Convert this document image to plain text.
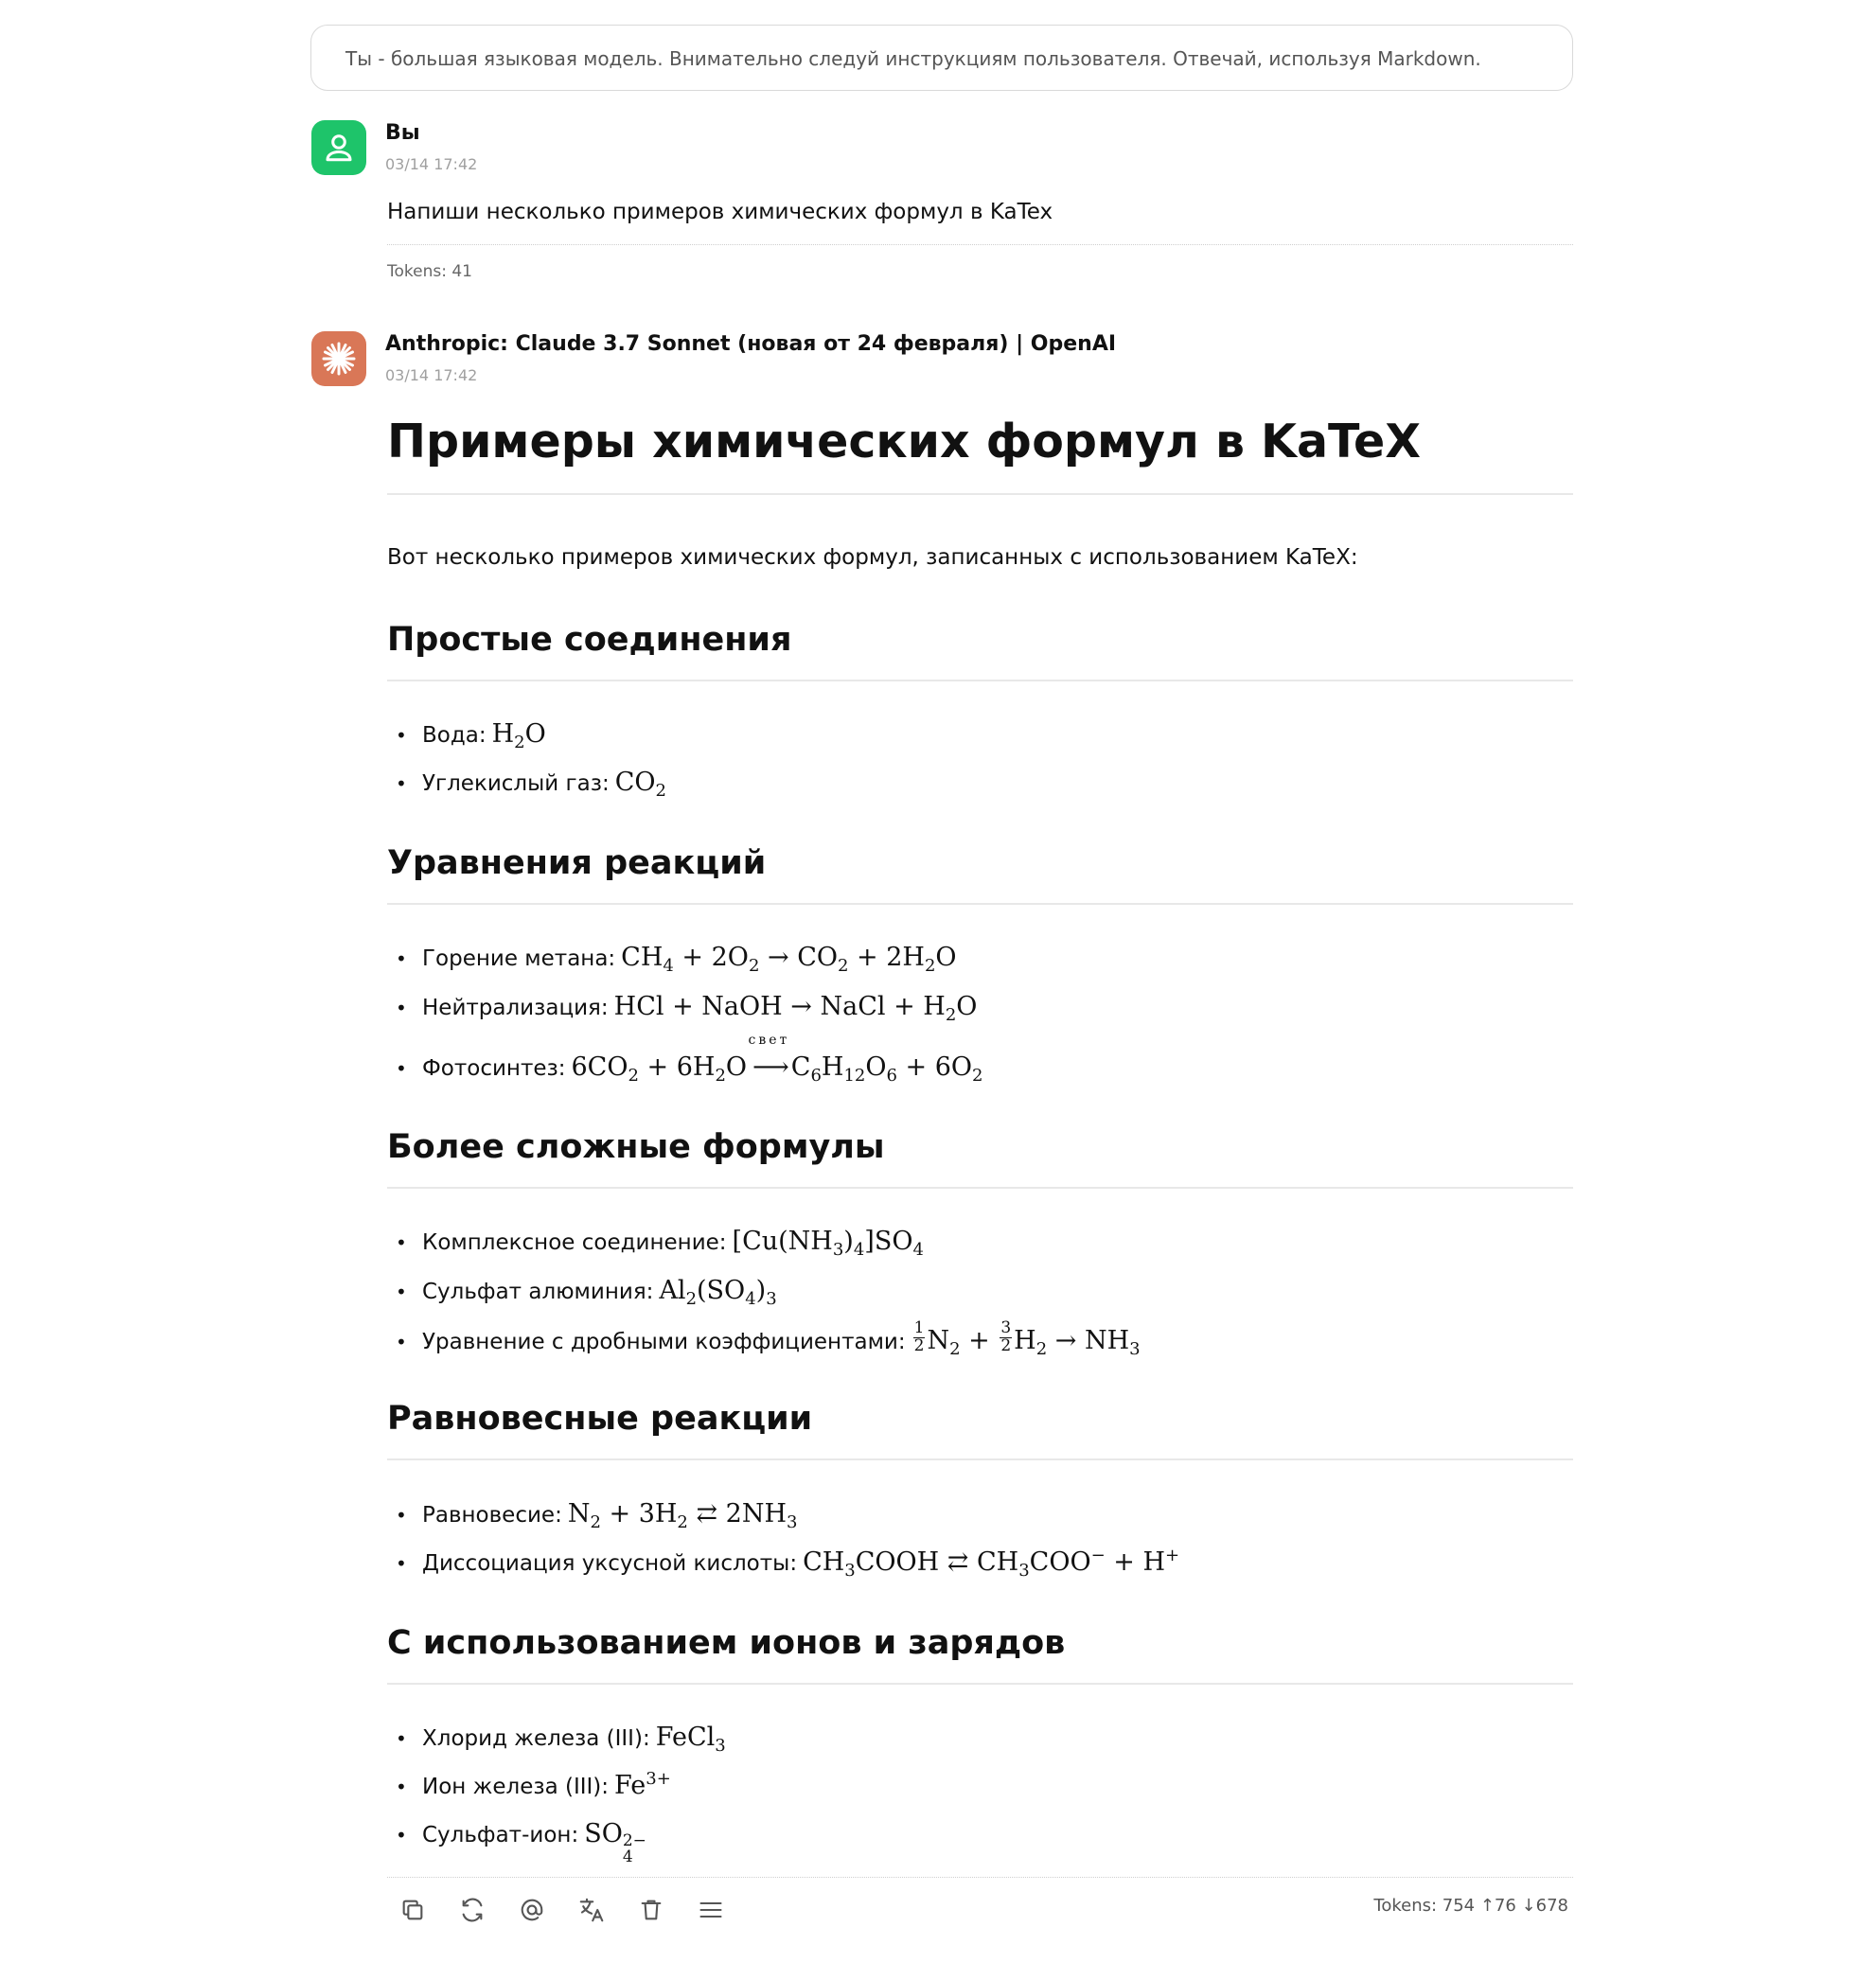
Ты - большая языковая модель. Внимательно следуй инструкциям пользователя. Отвечай, используя Markdown.
Вы
03/14 17:42
Напиши несколько примеров химических формул в KaTex
Tokens: 41
Anthropic: Claude 3.7 Sonnet (новая от 24 февраля) | OpenAI
03/14 17:42
Примеры химических формул в KaTeX
Вот несколько примеров химических формул, записанных с использованием KaTeX:
Простые соединения
• Вода: $H_2O$
• Углекислый газ: $CO_2$
Уравнения реакций
• Горение метана: $CH_4 + 2O_2 \to CO_2 + 2H_2O$
• Нейтрализация: HCl + NaOH → NaCl + $H_2O$
• Фотосинтез: $6CO_2 + 6H_2O$
свет
⟶ $C_6H_{12}O_6 + 6O_2$
Более сложные формулы
• Комплексное соединение: $[Cu(NH_3)_4]SO_4$
• Сульфат алюминия: $Al_2(SO_4)_3$
• Уравнение с дробными коэффициентами: $\frac{1}{2} N_2 + \frac{3}{2} H_2 \to NH_3$
Равновесные реакции
• Равновесие: $N_2 + 3H_2$ ⇄ $2NH_3$
• Диссоциация уксусной кислоты: $CH_3COOH$ ⇄ $CH_3COO^- + H^+$
С использованием ионов и зарядов
• Хлорид железа (III): FeCl$_3$
• Ион железа (III): $Fe^{3+}$
• Сульфат-ион: SO 2−
4
Tokens: 754 ↑76 ↓678
